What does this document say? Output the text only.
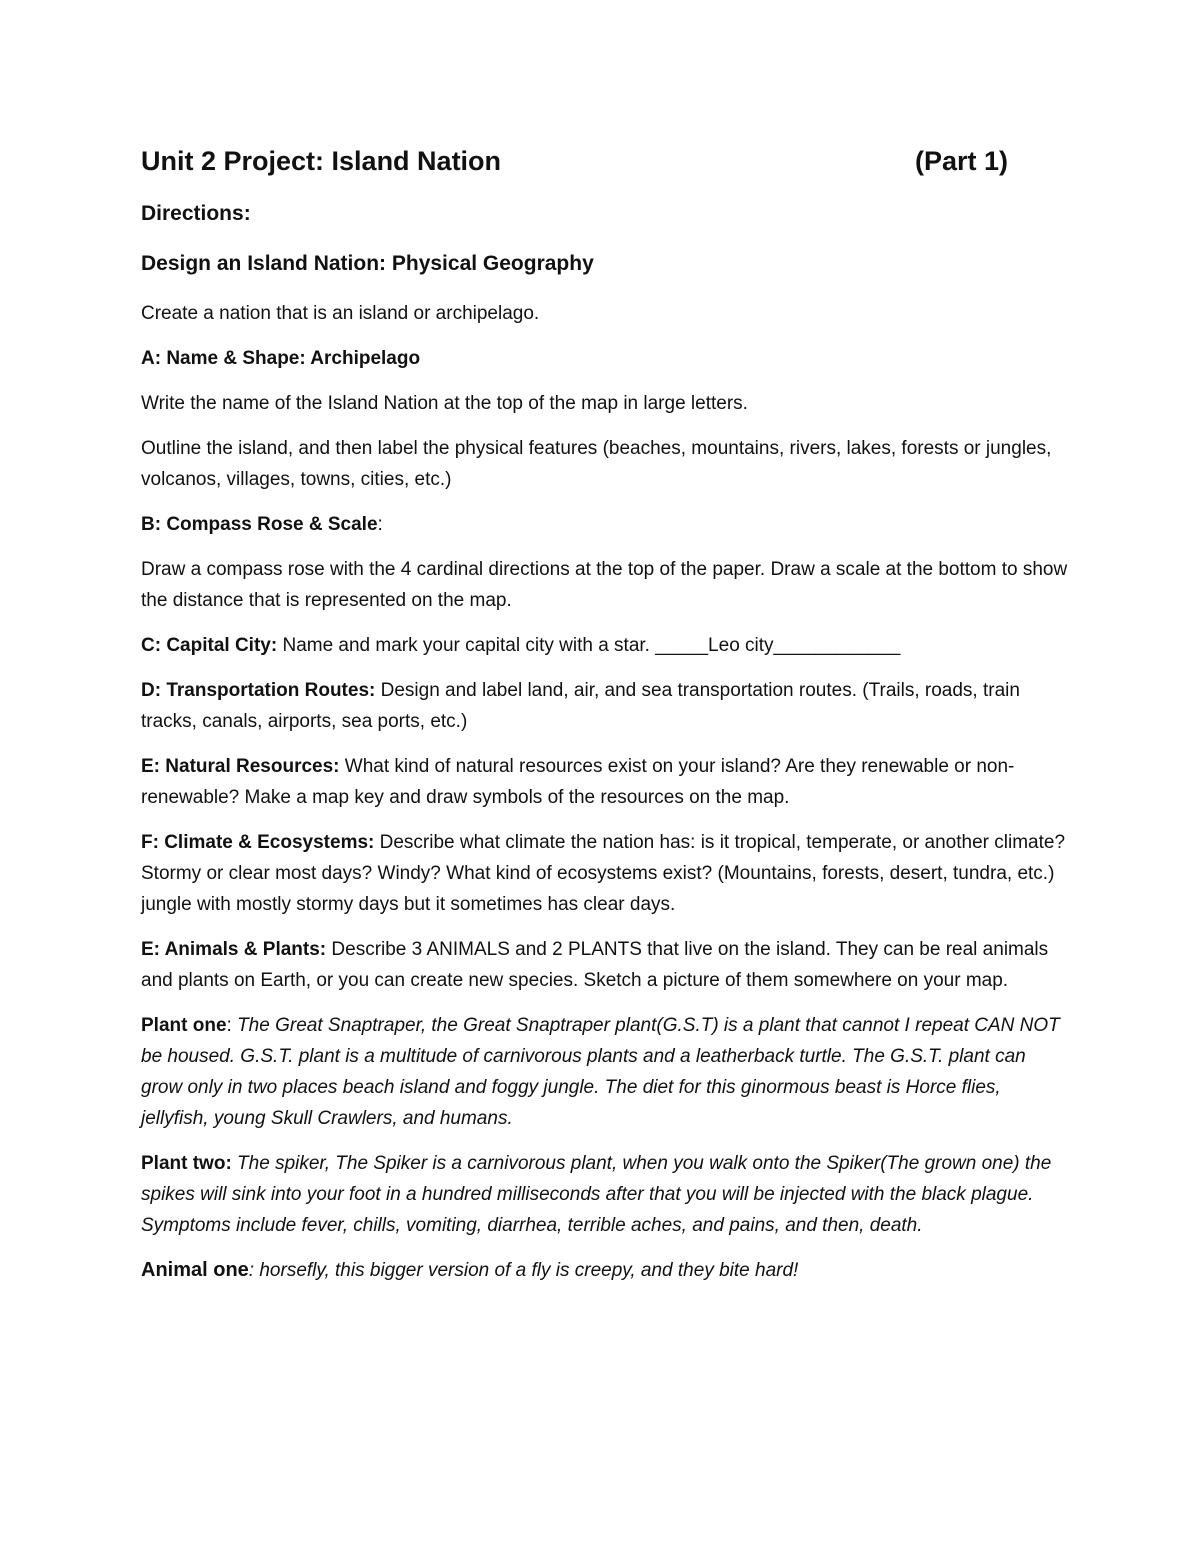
Unit 2 Project: Island Nation	(Part 1)
Directions:
Design an Island Nation: Physical Geography

Create a nation that is an island or archipelago.

A: Name & Shape: Archipelago

Write the name of the Island Nation at the top of the map in large letters.

Outline the island, and then label the physical features (beaches, mountains, rivers, lakes, forests or jungles, volcanos, villages, towns, cities, etc.)

B: Compass Rose & Scale:

Draw a compass rose with the 4 cardinal directions at the top of the paper. Draw a scale at the bottom to show the distance that is represented on the map.

C: Capital City: Name and mark your capital city with a star. _____Leo city____________

D: Transportation Routes: Design and label land, air, and sea transportation routes. (Trails, roads, train tracks, canals, airports, sea ports, etc.)

E: Natural Resources: What kind of natural resources exist on your island? Are they renewable or non-renewable? Make a map key and draw symbols of the resources on the map.

F: Climate & Ecosystems: Describe what climate the nation has: is it tropical, temperate, or another climate? Stormy or clear most days? Windy? What kind of ecosystems exist? (Mountains, forests, desert, tundra, etc.) jungle with mostly stormy days but it sometimes has clear days.

E: Animals & Plants: Describe 3 ANIMALS and 2 PLANTS that live on the island. They can be real animals and plants on Earth, or you can create new species. Sketch a picture of them somewhere on your map.

Plant one: The Great Snaptraper, the Great Snaptraper plant(G.S.T) is a plant that cannot I repeat CAN NOT be housed. G.S.T. plant is a multitude of carnivorous plants and a leatherback turtle. The G.S.T. plant can grow only in two places beach island and foggy jungle. The diet for this ginormous beast is Horce flies, jellyfish, young Skull Crawlers, and humans.

Plant two: The spiker, The Spiker is a carnivorous plant, when you walk onto the Spiker(The grown one) the spikes will sink into your foot in a hundred milliseconds after that you will be injected with the black plague. Symptoms include fever, chills, vomiting, diarrhea, terrible aches, and pains, and then, death.

Animal one: horsefly, this bigger version of a fly is creepy, and they bite hard!
